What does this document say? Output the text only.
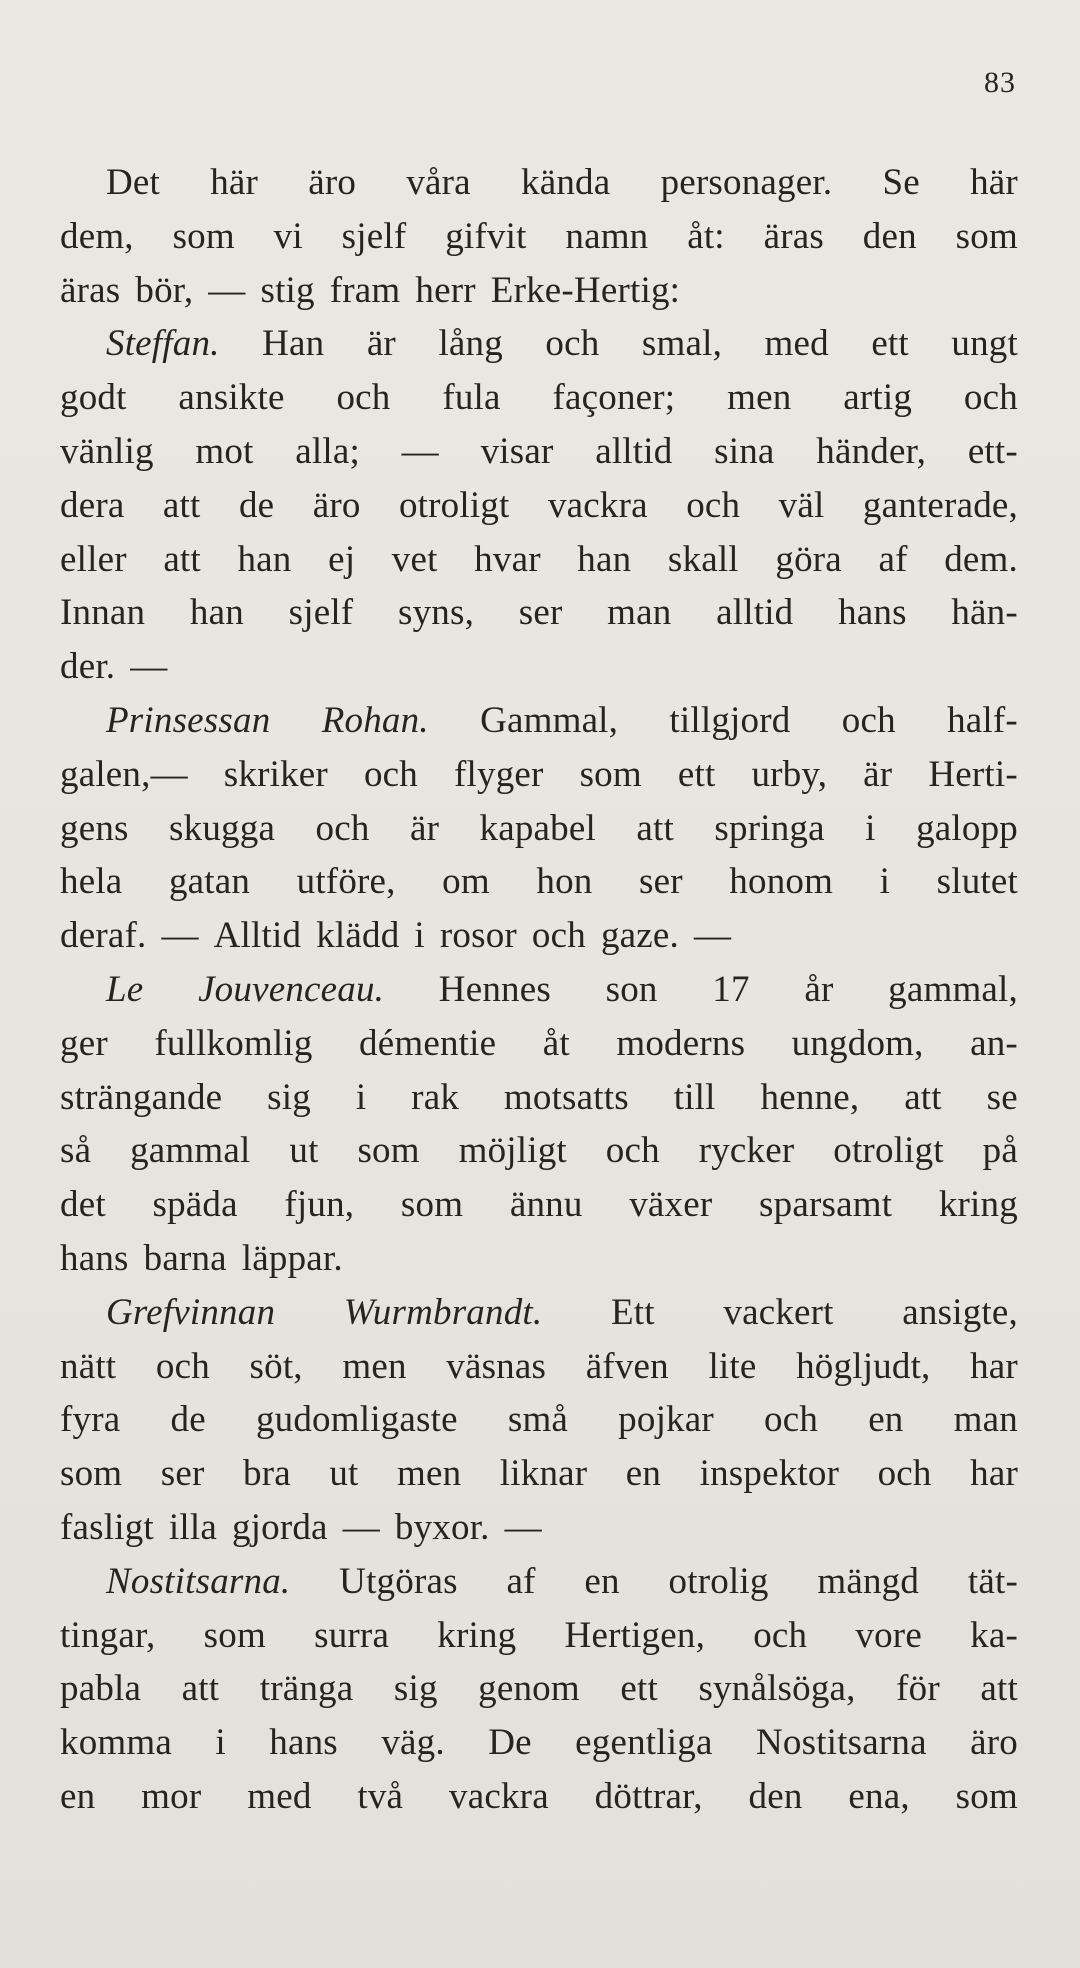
83
Det här äro våra kända personager. Se här
dem, som vi sjelf gifvit namn åt: äras den som
äras bör, — stig fram herr Erke-Hertig:
Steffan. Han är lång och smal, med ett ungt
godt ansikte och fula façoner; men artig och
vänlig mot alla; — visar alltid sina händer, ett-
dera att de äro otroligt vackra och väl ganterade,
eller att han ej vet hvar han skall göra af dem.
Innan han sjelf syns, ser man alltid hans hän-
der. —
Prinsessan Rohan. Gammal, tillgjord och half-
galen,— skriker och flyger som ett urby, är Herti-
gens skugga och är kapabel att springa i galopp
hela gatan utföre, om hon ser honom i slutet
deraf. — Alltid klädd i rosor och gaze. —
Le Jouvenceau. Hennes son 17 år gammal,
ger fullkomlig démentie åt moderns ungdom, an-
strängande sig i rak motsatts till henne, att se
så gammal ut som möjligt och rycker otroligt på
det späda fjun, som ännu växer sparsamt kring
hans barna läppar.
Grefvinnan Wurmbrandt. Ett vackert ansigte,
nätt och söt, men väsnas äfven lite högljudt, har
fyra de gudomligaste små pojkar och en man
som ser bra ut men liknar en inspektor och har
fasligt illa gjorda — byxor. —
Nostitsarna. Utgöras af en otrolig mängd tät-
tingar, som surra kring Hertigen, och vore ka-
pabla att tränga sig genom ett synålsöga, för att
komma i hans väg. De egentliga Nostitsarna äro
en mor med två vackra döttrar, den ena, som
